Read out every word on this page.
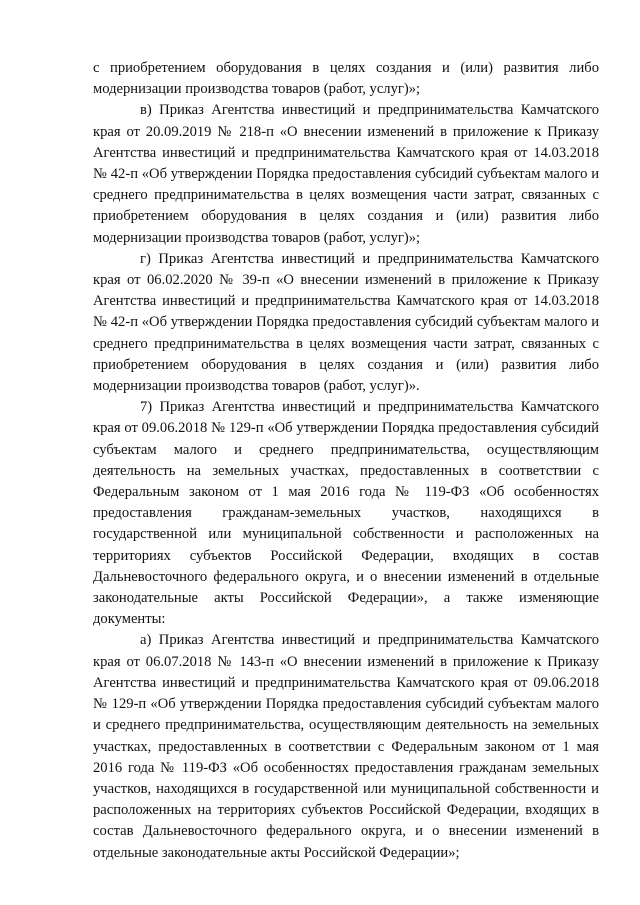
с приобретением оборудования в целях создания и (или) развития либо модернизации производства товаров (работ, услуг)»;

в) Приказ Агентства инвестиций и предпринимательства Камчатского края от 20.09.2019 № 218-п «О внесении изменений в приложение к Приказу Агентства инвестиций и предпринимательства Камчатского края от 14.03.2018 № 42-п «Об утверждении Порядка предоставления субсидий субъектам малого и среднего предпринимательства в целях возмещения части затрат, связанных с приобретением оборудования в целях создания и (или) развития либо модернизации производства товаров (работ, услуг)»;

г) Приказ Агентства инвестиций и предпринимательства Камчатского края от 06.02.2020 № 39-п «О внесении изменений в приложение к Приказу Агентства инвестиций и предпринимательства Камчатского края от 14.03.2018 № 42-п «Об утверждении Порядка предоставления субсидий субъектам малого и среднего предпринимательства в целях возмещения части затрат, связанных с приобретением оборудования в целях создания и (или) развития либо модернизации производства товаров (работ, услуг)».

7) Приказ Агентства инвестиций и предпринимательства Камчатского края от 09.06.2018 № 129-п «Об утверждении Порядка предоставления субсидий субъектам малого и среднего предпринимательства, осуществляющим деятельность на земельных участках, предоставленных в соответствии с Федеральным законом от 1 мая 2016 года № 119-ФЗ «Об особенностях предоставления гражданам-земельных участков, находящихся в государственной или муниципальной собственности и расположенных на территориях субъектов Российской Федерации, входящих в состав Дальневосточного федерального округа, и о внесении изменений в отдельные законодательные акты Российской Федерации», а также изменяющие документы:

а) Приказ Агентства инвестиций и предпринимательства Камчатского края от 06.07.2018 № 143-п «О внесении изменений в приложение к Приказу Агентства инвестиций и предпринимательства Камчатского края от 09.06.2018 № 129-п «Об утверждении Порядка предоставления субсидий субъектам малого и среднего предпринимательства, осуществляющим деятельность на земельных участках, предоставленных в соответствии с Федеральным законом от 1 мая 2016 года № 119-ФЗ «Об особенностях предоставления гражданам земельных участков, находящихся в государственной или муниципальной собственности и расположенных на территориях субъектов Российской Федерации, входящих в состав Дальневосточного федерального округа, и о внесении изменений в отдельные законодательные акты Российской Федерации»;
